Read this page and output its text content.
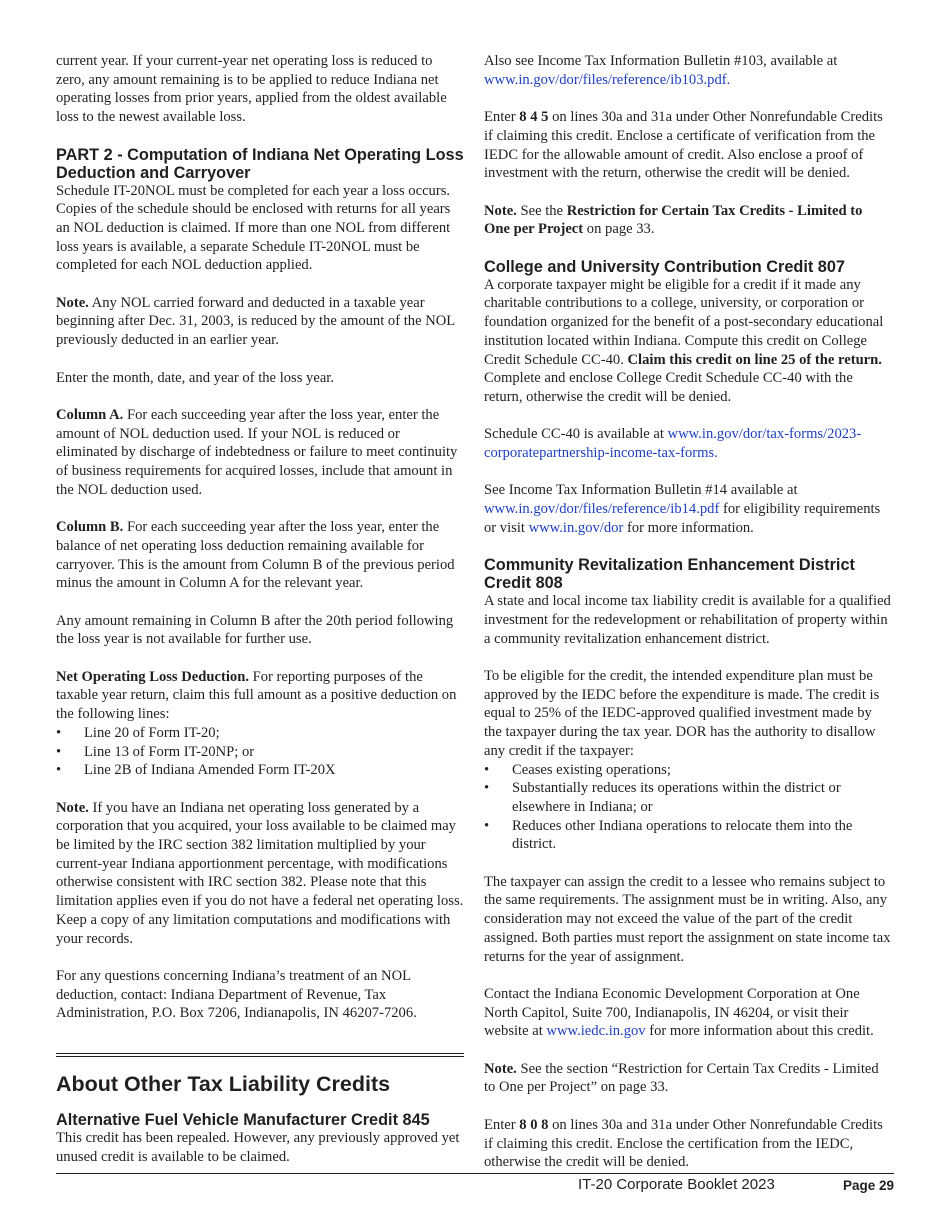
current year. If your current-year net operating loss is reduced to zero, any amount remaining is to be applied to reduce Indiana net operating losses from prior years, applied from the oldest available loss to the newest available loss.

PART 2 - Computation of Indiana Net Operating Loss Deduction and Carryover

Schedule IT-20NOL must be completed for each year a loss occurs. Copies of the schedule should be enclosed with returns for all years an NOL deduction is claimed. If more than one NOL from different loss years is available, a separate Schedule IT-20NOL must be completed for each NOL deduction applied.

Note. Any NOL carried forward and deducted in a taxable year beginning after Dec. 31, 2003, is reduced by the amount of the NOL previously deducted in an earlier year.

Enter the month, date, and year of the loss year.

Column A. For each succeeding year after the loss year, enter the amount of NOL deduction used. If your NOL is reduced or eliminated by discharge of indebtedness or failure to meet continuity of business requirements for acquired losses, include that amount in the NOL deduction used.

Column B. For each succeeding year after the loss year, enter the balance of net operating loss deduction remaining available for carryover. This is the amount from Column B of the previous period minus the amount in Column A for the relevant year.

Any amount remaining in Column B after the 20th period following the loss year is not available for further use.

Net Operating Loss Deduction. For reporting purposes of the taxable year return, claim this full amount as a positive deduction on the following lines:

• Line 20 of Form IT-20;
• Line 13 of Form IT-20NP; or
• Line 2B of Indiana Amended Form IT-20X

Note. If you have an Indiana net operating loss generated by a corporation that you acquired, your loss available to be claimed may be limited by the IRC section 382 limitation multiplied by your current-year Indiana apportionment percentage, with modifications otherwise consistent with IRC section 382. Please note that this limitation applies even if you do not have a federal net operating loss. Keep a copy of any limitation computations and modifications with your records.

For any questions concerning Indiana’s treatment of an NOL deduction, contact: Indiana Department of Revenue, Tax Administration, P.O. Box 7206, Indianapolis, IN 46207-7206.

About Other Tax Liability Credits
Alternative Fuel Vehicle Manufacturer Credit 845

This credit has been repealed. However, any previously approved yet unused credit is available to be claimed.

Also see Income Tax Information Bulletin #103, available at www.in.gov/dor/files/reference/ib103.pdf.

Enter 8 4 5 on lines 30a and 31a under Other Nonrefundable Credits if claiming this credit. Enclose a certificate of verification from the IEDC for the allowable amount of credit. Also enclose a proof of investment with the return, otherwise the credit will be denied.

Note. See the Restriction for Certain Tax Credits - Limited to One per Project on page 33.

College and University Contribution Credit 807

A corporate taxpayer might be eligible for a credit if it made any charitable contributions to a college, university, or corporation or foundation organized for the benefit of a post-secondary educational institution located within Indiana. Compute this credit on College Credit Schedule CC-40. Claim this credit on line 25 of the return. Complete and enclose College Credit Schedule CC-40 with the return, otherwise the credit will be denied.

Schedule CC-40 is available at www.in.gov/dor/tax-forms/2023-corporatepartnership-income-tax-forms.

See Income Tax Information Bulletin #14 available at www.in.gov/dor/files/reference/ib14.pdf for eligibility requirements or visit www.in.gov/dor for more information.

Community Revitalization Enhancement District Credit 808

A state and local income tax liability credit is available for a qualified investment for the redevelopment or rehabilitation of property within a community revitalization enhancement district.

To be eligible for the credit, the intended expenditure plan must be approved by the IEDC before the expenditure is made. The credit is equal to 25% of the IEDC-approved qualified investment made by the taxpayer during the tax year. DOR has the authority to disallow any credit if the taxpayer:

• Ceases existing operations;
• Substantially reduces its operations within the district or elsewhere in Indiana; or
• Reduces other Indiana operations to relocate them into the district.

The taxpayer can assign the credit to a lessee who remains subject to the same requirements. The assignment must be in writing. Also, any consideration may not exceed the value of the part of the credit assigned. Both parties must report the assignment on state income tax returns for the year of assignment.

Contact the Indiana Economic Development Corporation at One North Capitol, Suite 700, Indianapolis, IN 46204, or visit their website at www.iedc.in.gov for more information about this credit.

Note. See the section “Restriction for Certain Tax Credits - Limited to One per Project” on page 33.

Enter 8 0 8 on lines 30a and 31a under Other Nonrefundable Credits if claiming this credit. Enclose the certification from the IEDC, otherwise the credit will be denied.

IT-20 Corporate Booklet 2023	Page 29
